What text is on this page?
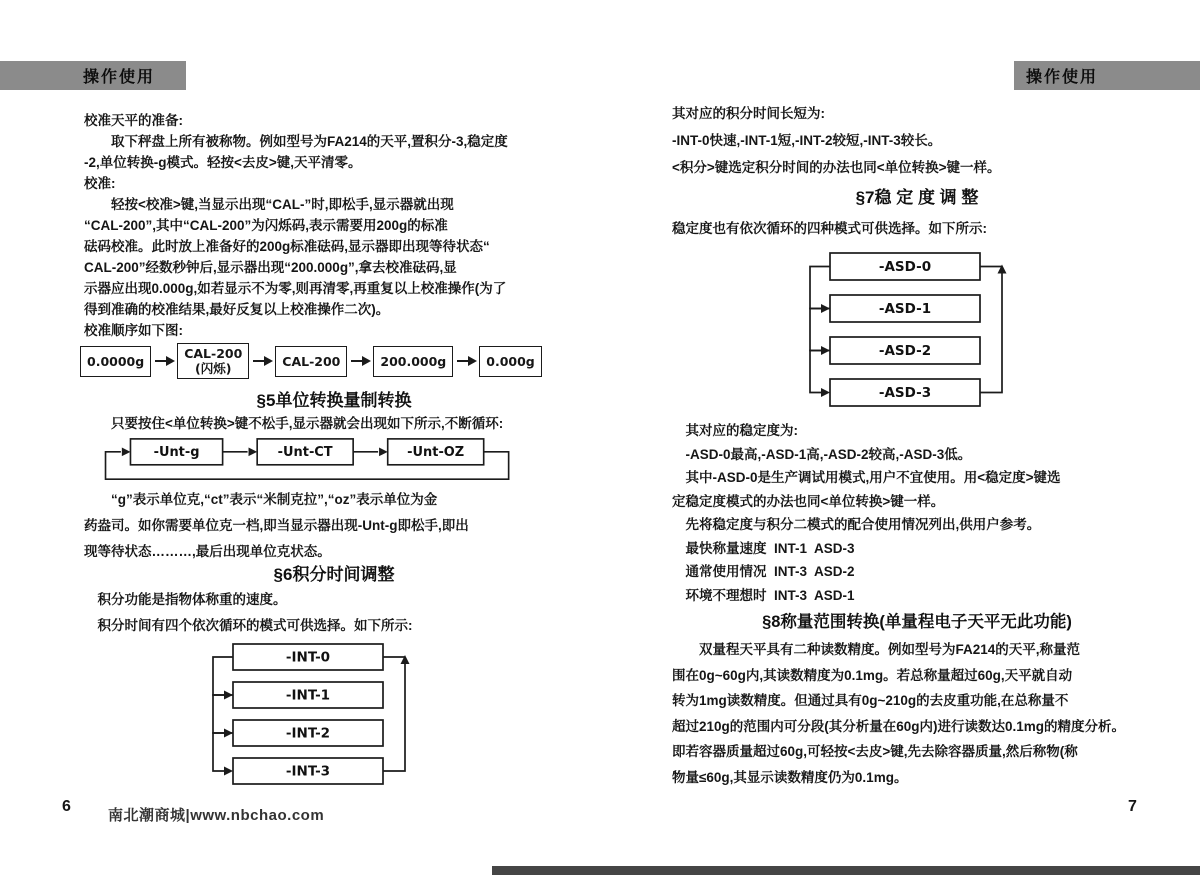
操作使用	操作使用
校准天平的准备:
　　取下秤盘上所有被称物。例如型号为FA214的天平,置积分-3,稳定度
-2,单位转换-g模式。轻按<去皮>键,天平清零。
校准:
　　轻按<校准>键,当显示出现“CAL-”时,即松手,显示器就出现
“CAL-200”,其中“CAL-200”为闪烁码,表示需要用200g的标准
砝码校准。此时放上准备好的200g标准砝码,显示器即出现等待状态“
CAL-200”经数秒钟后,显示器出现“200.000g”,拿去校准砝码,显
示器应出现0.000g,如若显示不为零,则再清零,再重复以上校准操作(为了
得到准确的校准结果,最好反复以上校准操作二次)。
校准顺序如下图:
0.0000g	CAL-200
(闪烁)	CAL-200	200.000g	0.000g
§5单位转换量制转换
　　只要按住<单位转换>键不松手,显示器就会出现如下所示,不断循环:
-Unt-g	-Unt-CT	-Unt-OZ
　　“g”表示单位克,“ct”表示“米制克拉”,“oz”表示单位为金
药盎司。如你需要单位克一档,即当显示器出现-Unt-g即松手,即出
现等待状态………,最后出现单位克状态。
§6积分时间调整
　积分功能是指物体称重的速度。
　积分时间有四个依次循环的模式可供选择。如下所示:
-INT-0
-INT-1
-INT-2
-INT-3
6
南北潮商城|www.nbchao.com
其对应的积分时间长短为:
-INT-0快速,-INT-1短,-INT-2较短,-INT-3较长。
<积分>键选定积分时间的办法也同<单位转换>键一样。
§7稳 定 度 调 整
稳定度也有依次循环的四种模式可供选择。如下所示:
-ASD-0
-ASD-1
-ASD-2
-ASD-3
　其对应的稳定度为:
　-ASD-0最高,-ASD-1高,-ASD-2较高,-ASD-3低。
　其中-ASD-0是生产调试用模式,用户不宜使用。用<稳定度>键选
定稳定度模式的办法也同<单位转换>键一样。
　先将稳定度与积分二模式的配合使用情况列出,供用户参考。
　最快称量速度  INT-1  ASD-3
　通常使用情况  INT-3  ASD-2
　环境不理想时  INT-3  ASD-1
§8称量范围转换(单量程电子天平无此功能)
　　双量程天平具有二种读数精度。例如型号为FA214的天平,称量范
围在0g~60g内,其读数精度为0.1mg。若总称量超过60g,天平就自动
转为1mg读数精度。但通过具有0g~210g的去皮重功能,在总称量不
超过210g的范围内可分段(其分析量在60g内)进行读数达0.1mg的精度分析。
即若容器质量超过60g,可轻按<去皮>键,先去除容器质量,然后称物(称
物量≤60g,其显示读数精度仍为0.1mg。
7
